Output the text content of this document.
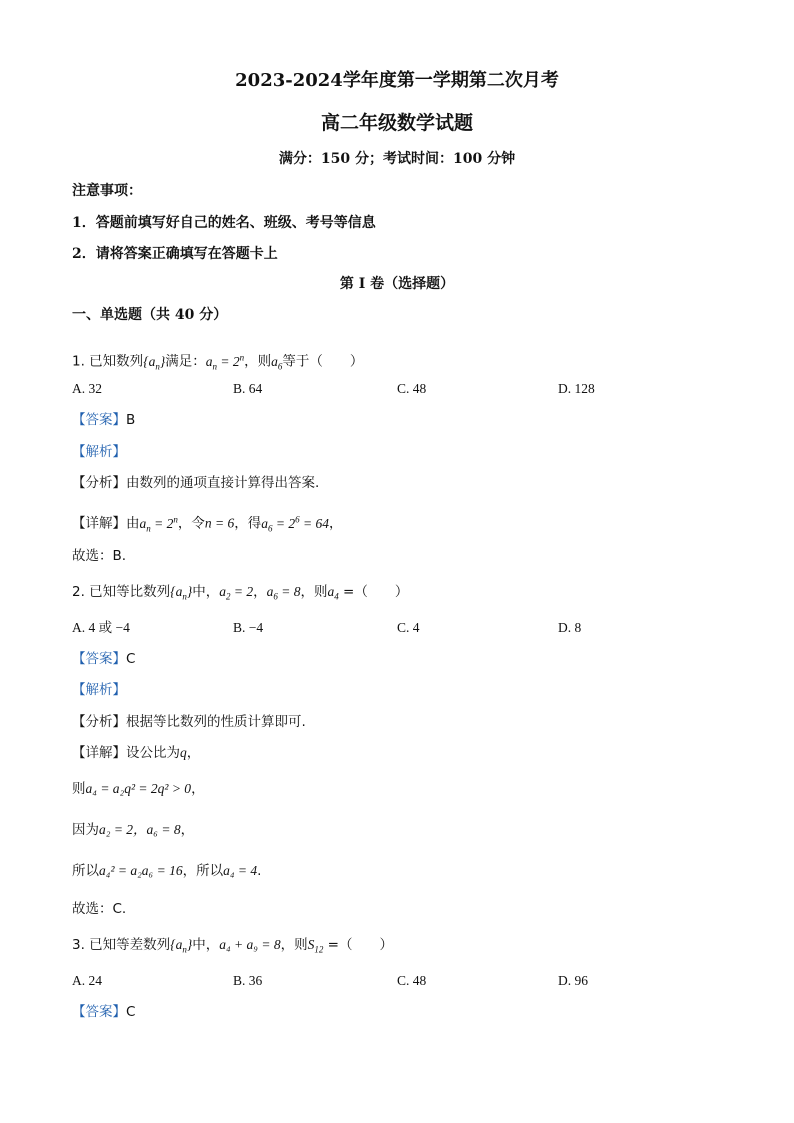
2023-2024学年度第一学期第二次月考
高二年级数学试题
满分：150 分；考试时间：100 分钟
注意事项：
1．答题前填写好自己的姓名、班级、考号等信息
2．请将答案正确填写在答题卡上
第 I 卷（选择题）
一、单选题（共 40 分）
1. 已知数列$\{a_n\}$满足：$a_n = 2^n$，则$a_6$等于（　　）
A. 32	B. 64	C. 48	D. 128
【答案】B
【解析】
【分析】由数列的通项直接计算得出答案.
【详解】由$a_n = 2^n$，令n = 6，得$a_6 = 2^6 = 64$，
故选：B.
2. 已知等比数列$\{a_n\}$中，$a_2 = 2$，$a_6 = 8$，则$a_4$ =（　　）
A. 4 或 −4	B. −4	C. 4	D. 8
【答案】C
【解析】
【分析】根据等比数列的性质计算即可.
【详解】设公比为q，
则a₄ = a₂q² = 2q² > 0，
因为a₂ = 2，a₆ = 8，
所以a₄² = a₂a₆ = 16，所以a₄ = 4.
故选：C.
3. 已知等差数列$\{a_n\}$中，a₄ + a₉ = 8，则$S_{12}$ =（　　）
A. 24	B. 36	C. 48	D. 96
【答案】C
